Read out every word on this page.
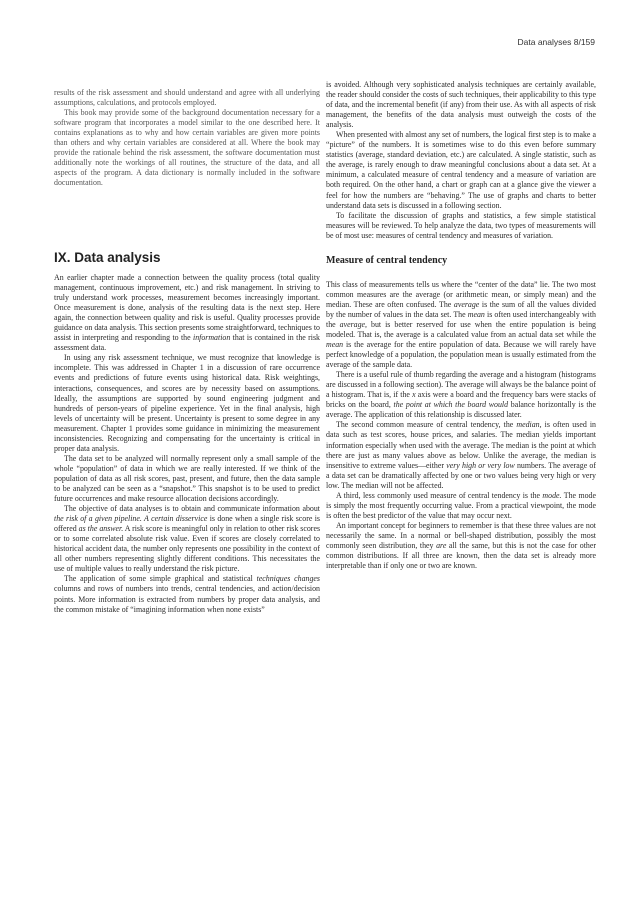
Data analyses 8/159

results of the risk assessment and should understand and agree with all underlying assumptions, calculations, and protocols employed.

This book may provide some of the background documentation necessary for a software program that incorporates a model similar to the one described here. It contains explanations as to why and how certain variables are given more points than others and why certain variables are considered at all. Where the book may provide the rationale behind the risk assessment, the software documentation must additionally note the workings of all routines, the structure of the data, and all aspects of the program. A data dictionary is normally included in the software documentation.

IX. Data analysis

An earlier chapter made a connection between the quality process (total quality management, continuous improvement, etc.) and risk management. In striving to truly understand work processes, measurement becomes increasingly important. Once measurement is done, analysis of the resulting data is the next step. Here again, the connection between quality and risk is useful. Quality processes provide guidance on data analysis. This section presents some straightforward, techniques to assist in interpreting and responding to the information that is contained in the risk assessment data.

In using any risk assessment technique, we must recognize that knowledge is incomplete. This was addressed in Chapter 1 in a discussion of rare occurrence events and predictions of future events using historical data. Risk weightings, interactions, consequences, and scores are by necessity based on assumptions. Ideally, the assumptions are supported by sound engineering judgment and hundreds of person-years of pipeline experience. Yet in the final analysis, high levels of uncertainty will be present. Uncertainty is present to some degree in any measurement. Chapter 1 provides some guidance in minimizing the measurement inconsistencies. Recognizing and compensating for the uncertainty is critical in proper data analysis.

The data set to be analyzed will normally represent only a small sample of the whole “population” of data in which we are really interested. If we think of the population of data as all risk scores, past, present, and future, then the data sample to be analyzed can be seen as a “snapshot.” This snapshot is to be used to predict future occurrences and make resource allocation decisions accordingly.

The objective of data analyses is to obtain and communicate information about the risk of a given pipeline. A certain disservice is done when a single risk score is offered as the answer. A risk score is meaningful only in relation to other risk scores or to some correlated absolute risk value. Even if scores are closely correlated to historical accident data, the number only represents one possibility in the context of all other numbers representing slightly different conditions. This necessitates the use of multiple values to really understand the risk picture.

The application of some simple graphical and statistical techniques changes columns and rows of numbers into trends, central tendencies, and action/decision points. More information is extracted from numbers by proper data analysis, and the common mistake of “imagining information when none exists”

is avoided. Although very sophisticated analysis techniques are certainly available, the reader should consider the costs of such techniques, their applicability to this type of data, and the incremental benefit (if any) from their use. As with all aspects of risk management, the benefits of the data analysis must outweigh the costs of the analysis.

When presented with almost any set of numbers, the logical first step is to make a “picture” of the numbers. It is sometimes wise to do this even before summary statistics (average, standard deviation, etc.) are calculated. A single statistic, such as the average, is rarely enough to draw meaningful conclusions about a data set. At a minimum, a calculated measure of central tendency and a measure of variation are both required. On the other hand, a chart or graph can at a glance give the viewer a feel for how the numbers are “behaving.” The use of graphs and charts to better understand data sets is discussed in a following section.

To facilitate the discussion of graphs and statistics, a few simple statistical measures will be reviewed. To help analyze the data, two types of measurements will be of most use: measures of central tendency and measures of variation.

Measure of central tendency

This class of measurements tells us where the “center of the data” lie. The two most common measures are the average (or arithmetic mean, or simply mean) and the median. These are often confused. The average is the sum of all the values divided by the number of values in the data set. The mean is often used interchangeably with the average, but is better reserved for use when the entire population is being modeled. That is, the average is a calculated value from an actual data set while the mean is the average for the entire population of data. Because we will rarely have perfect knowledge of a population, the population mean is usually estimated from the average of the sample data.

There is a useful rule of thumb regarding the average and a histogram (histograms are discussed in a following section). The average will always be the balance point of a histogram. That is, if the x axis were a board and the frequency bars were stacks of bricks on the board, the point at which the board would balance horizontally is the average. The application of this relationship is discussed later.

The second common measure of central tendency, the median, is often used in data such as test scores, house prices, and salaries. The median yields important information especially when used with the average. The median is the point at which there are just as many values above as below. Unlike the average, the median is insensitive to extreme values—either very high or very low numbers. The average of a data set can be dramatically affected by one or two values being very high or very low. The median will not be affected.

A third, less commonly used measure of central tendency is the mode. The mode is simply the most frequently occurring value. From a practical viewpoint, the mode is often the best predictor of the value that may occur next.

An important concept for beginners to remember is that these three values are not necessarily the same. In a normal or bell-shaped distribution, possibly the most commonly seen distribution, they are all the same, but this is not the case for other common distributions. If all three are known, then the data set is already more interpretable than if only one or two are known.
